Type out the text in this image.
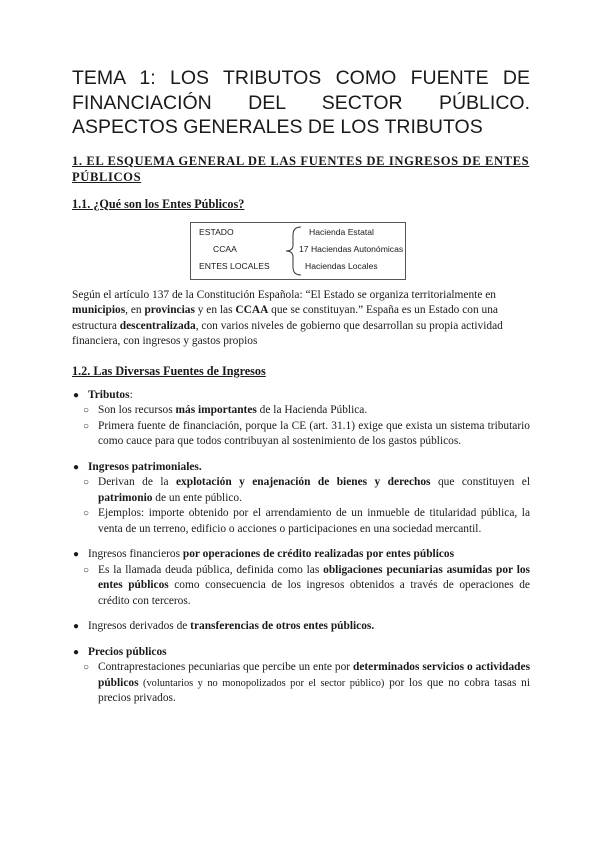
TEMA 1: LOS TRIBUTOS COMO FUENTE DE
FINANCIACIÓN DEL SECTOR PÚBLICO.
ASPECTOS GENERALES DE LOS TRIBUTOS
1. EL ESQUEMA GENERAL DE LAS FUENTES DE INGRESOS DE ENTES PÚBLICOS
1.1. ¿Qué son los Entes Públicos?
ESTADO
CCAA
ENTES LOCALES
Hacienda Estatal
17 Haciendas Autonómicas
Haciendas Locales

Según el artículo 137 de la Constitución Española: “El Estado se organiza territorialmente en municipios, en provincias y en las CCAA que se constituyan.” España es un Estado con una estructura descentralizada, con varios niveles de gobierno que desarrollan su propia actividad financiera, con ingresos y gastos propios

1.2. Las Diversas Fuentes de Ingresos
● Tributos:
○ Son los recursos más importantes de la Hacienda Pública.
○ Primera fuente de financiación, porque la CE (art. 31.1) exige que exista un sistema tributario como cauce para que todos contribuyan al sostenimiento de los gastos públicos.
● Ingresos patrimoniales.
○ Derivan de la explotación y enajenación de bienes y derechos que constituyen el patrimonio de un ente público.
○ Ejemplos: importe obtenido por el arrendamiento de un inmueble de titularidad pública, la venta de un terreno, edificio o acciones o participaciones en una sociedad mercantil.
● Ingresos financieros por operaciones de crédito realizadas por entes públicos
○ Es la llamada deuda pública, definida como las obligaciones pecuniarias asumidas por los entes públicos como consecuencia de los ingresos obtenidos a través de operaciones de crédito con terceros.
● Ingresos derivados de transferencias de otros entes públicos.
● Precios públicos
○ Contraprestaciones pecuniarias que percibe un ente por determinados servicios o actividades públicos (voluntarios y no monopolizados por el sector público) por los que no cobra tasas ni precios privados.
